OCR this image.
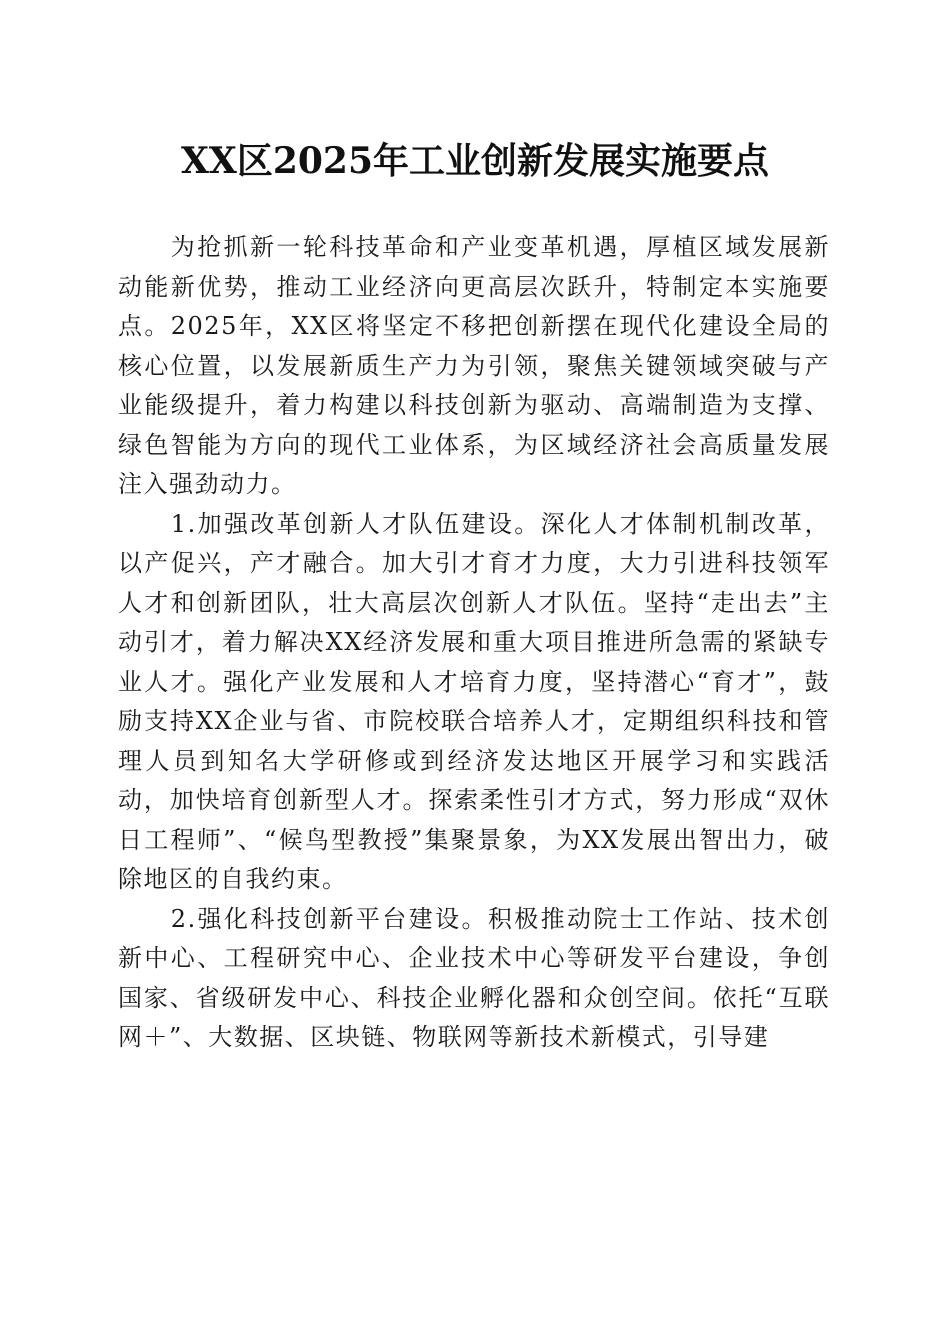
XX区2025年工业创新发展实施要点

为抢抓新一轮科技革命和产业变革机遇，厚植区域发展新动能新优势，推动工业经济向更高层次跃升，特制定本实施要点。2025年，XX区将坚定不移把创新摆在现代化建设全局的核心位置，以发展新质生产力为引领，聚焦关键领域突破与产业能级提升，着力构建以科技创新为驱动、高端制造为支撑、绿色智能为方向的现代工业体系，为区域经济社会高质量发展注入强劲动力。

1.加强改革创新人才队伍建设。深化人才体制机制改革，以产促兴，产才融合。加大引才育才力度，大力引进科技领军人才和创新团队，壮大高层次创新人才队伍。坚持“走出去”主动引才，着力解决XX经济发展和重大项目推进所急需的紧缺专业人才。强化产业发展和人才培育力度，坚持潜心“育才”，鼓励支持XX企业与省、市院校联合培养人才，定期组织科技和管理人员到知名大学研修或到经济发达地区开展学习和实践活动，加快培育创新型人才。探索柔性引才方式，努力形成“双休日工程师”、“候鸟型教授”集聚景象，为XX发展出智出力，破除地区的自我约束。

2.强化科技创新平台建设。积极推动院士工作站、技术创新中心、工程研究中心、企业技术中心等研发平台建设，争创国家、省级研发中心、科技企业孵化器和众创空间。依托“互联网＋”、大数据、区块链、物联网等新技术新模式，引导建
